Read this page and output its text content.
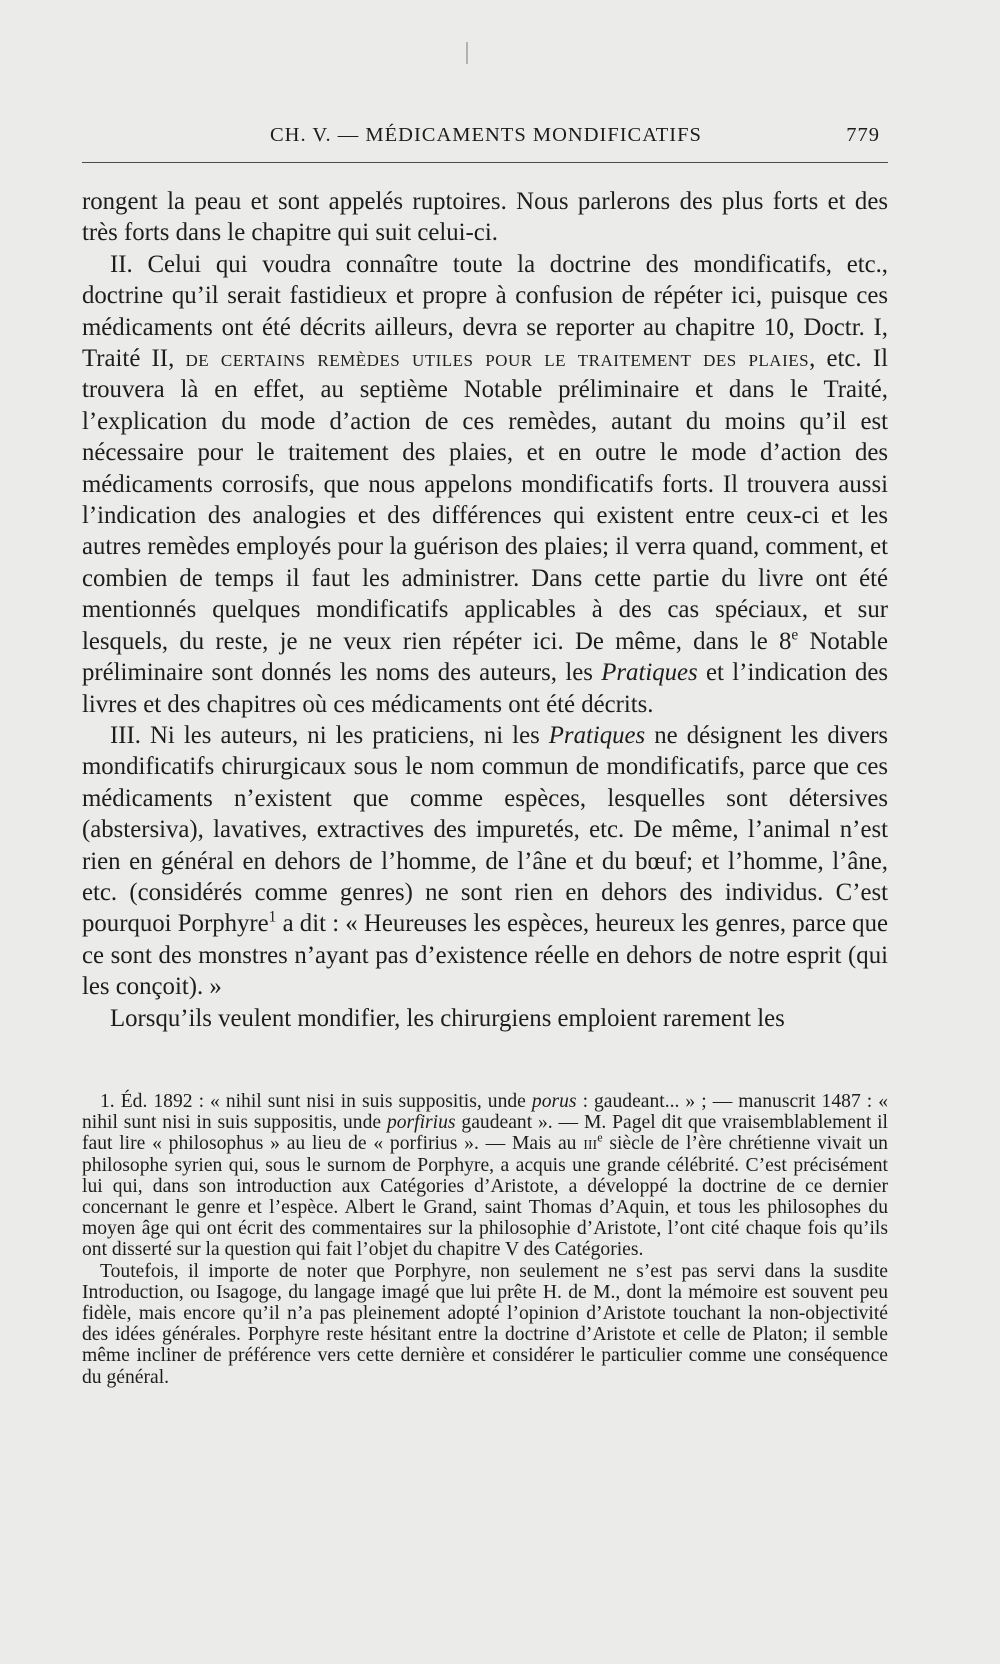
CH. V. — MÉDICAMENTS MONDIFICATIFS	779

rongent la peau et sont appelés ruptoires. Nous parlerons des plus forts et des très forts dans le chapitre qui suit celui-ci.

II. Celui qui voudra connaître toute la doctrine des mondificatifs, etc., doctrine qu’il serait fastidieux et propre à confusion de répéter ici, puisque ces médicaments ont été décrits ailleurs, devra se reporter au chapitre 10, Doctr. I, Traité II, de certains remèdes utiles pour le traitement des plaies, etc. Il trouvera là en effet, au septième Notable préliminaire et dans le Traité, l’explication du mode d’action de ces remèdes, autant du moins qu’il est nécessaire pour le traitement des plaies, et en outre le mode d’action des médicaments corrosifs, que nous appelons mondificatifs forts. Il trouvera aussi l’indication des analogies et des différences qui existent entre ceux-ci et les autres remèdes employés pour la guérison des plaies; il verra quand, comment, et combien de temps il faut les administrer. Dans cette partie du livre ont été mentionnés quelques mondificatifs applicables à des cas spéciaux, et sur lesquels, du reste, je ne veux rien répéter ici. De même, dans le 8e Notable préliminaire sont donnés les noms des auteurs, les Pratiques et l’indication des livres et des chapitres où ces médicaments ont été décrits.

III. Ni les auteurs, ni les praticiens, ni les Pratiques ne désignent les divers mondificatifs chirurgicaux sous le nom commun de mondificatifs, parce que ces médicaments n’existent que comme espèces, lesquelles sont détersives (abstersiva), lavatives, extractives des impuretés, etc. De même, l’animal n’est rien en général en dehors de l’homme, de l’âne et du bœuf; et l’homme, l’âne, etc. (considérés comme genres) ne sont rien en dehors des individus. C’est pourquoi Porphyre$^1$ a dit : « Heureuses les espèces, heureux les genres, parce que ce sont des monstres n’ayant pas d’existence réelle en dehors de notre esprit (qui les conçoit). »

Lorsqu’ils veulent mondifier, les chirurgiens emploient rarement les

1. Éd. 1892 : « nihil sunt nisi in suis suppositis, unde porus : gaudeant... » ; — manuscrit 1487 : « nihil sunt nisi in suis suppositis, unde porfirius gaudeant ». — M. Pagel dit que vraisemblablement il faut lire « philosophus » au lieu de « porfirius ». — Mais au iii$^e$ siècle de l’ère chrétienne vivait un philosophe syrien qui, sous le surnom de Porphyre, a acquis une grande célébrité. C’est précisément lui qui, dans son introduction aux Catégories d’Aristote, a développé la doctrine de ce dernier concernant le genre et l’espèce. Albert le Grand, saint Thomas d’Aquin, et tous les philosophes du moyen âge qui ont écrit des commentaires sur la philosophie d’Aristote, l’ont cité chaque fois qu’ils ont disserté sur la question qui fait l’objet du chapitre V des Catégories.

Toutefois, il importe de noter que Porphyre, non seulement ne s’est pas servi dans la susdite Introduction, ou Isagoge, du langage imagé que lui prête H. de M., dont la mémoire est souvent peu fidèle, mais encore qu’il n’a pas pleinement adopté l’opinion d’Aristote touchant la non-objectivité des idées générales. Porphyre reste hésitant entre la doctrine d’Aristote et celle de Platon; il semble même incliner de préférence vers cette dernière et considérer le particulier comme une conséquence du général.
